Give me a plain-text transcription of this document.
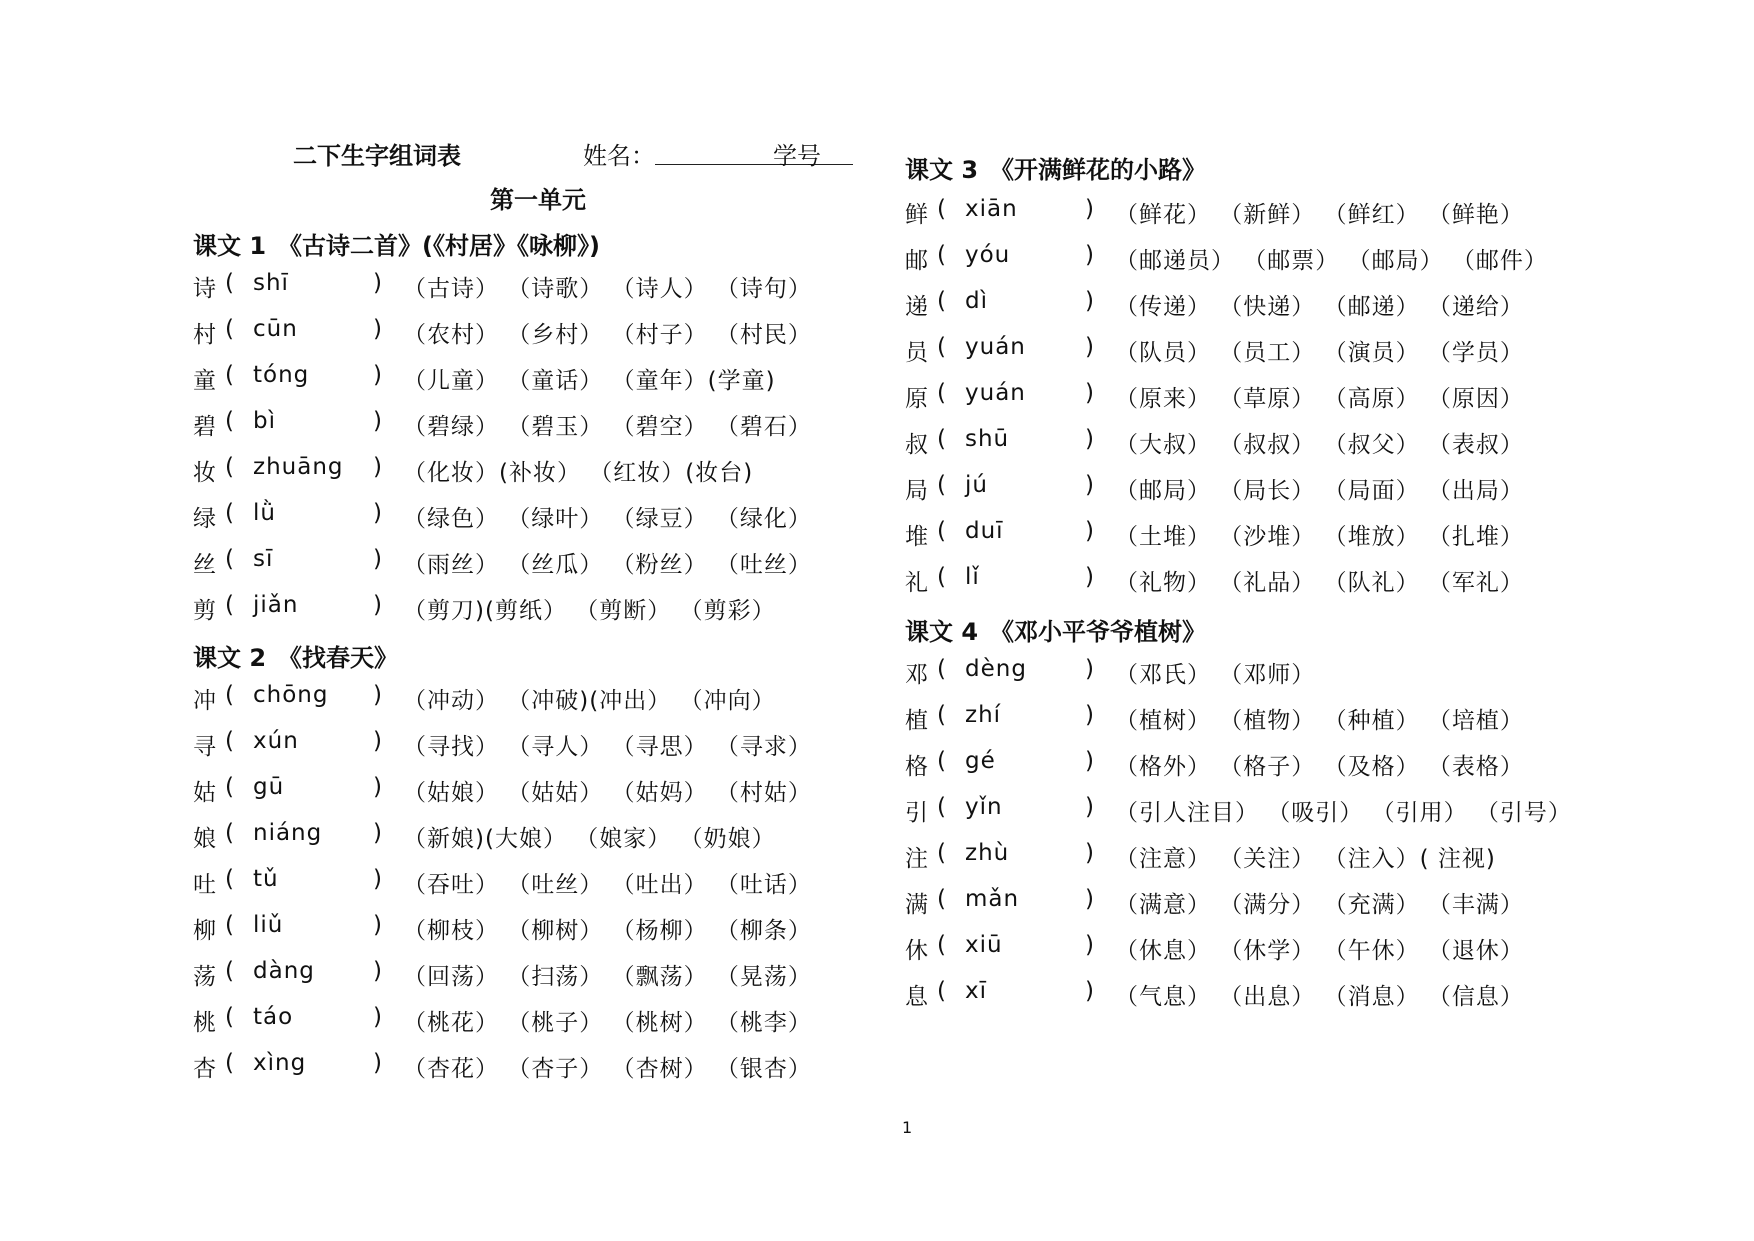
二下生字组词表	姓名：	学号
第一单元
课文 1　《古诗二首》(《村居》《咏柳》)
诗 ( shī	) （古诗） （诗歌） （诗人） （诗句）
村 ( cūn	) （农村） （乡村） （村子） （村民）
童 ( tóng	) （儿童） （童话） （童年）(学童)
碧 ( bì	) （碧绿） （碧玉） （碧空） （碧石）
妆 ( zhuāng ) （化妆）(补妆） （红妆）(妆台)
绿 ( lǜ	) （绿色） （绿叶） （绿豆） （绿化）
丝 ( sī	) （雨丝） （丝瓜） （粉丝） （吐丝）
剪 ( jiǎn	) （剪刀)(剪纸） （剪断） （剪彩）
课文 2　《找春天》
冲 ( chōng ) （冲动） （冲破)(冲出） （冲向）
寻 ( xún	) （寻找） （寻人） （寻思） （寻求）
姑 ( gū	) （姑娘） （姑姑） （姑妈） （村姑）
娘 ( niáng ) （新娘)(大娘） （娘家） （奶娘）
吐 ( tǔ	) （吞吐） （吐丝） （吐出） （吐话）
柳 ( liǔ	) （柳枝） （柳树） （杨柳） （柳条）
荡 ( dàng	) （回荡） （扫荡） （飘荡） （晃荡）
桃 ( táo	) （桃花） （桃子） （桃树） （桃李）
杏 ( xìng	) （杏花） （杏子） （杏树） （银杏）
课文 3　《开满鲜花的小路》
鲜 ( xiān	) （鲜花） （新鲜） （鲜红） （鲜艳）
邮 ( yóu	) （邮递员） （邮票） （邮局） （邮件）
递 ( dì	) （传递） （快递） （邮递） （递给）
员 ( yuán	) （队员） （员工） （演员） （学员）
原 ( yuán	) （原来） （草原） （高原） （原因）
叔 ( shū	) （大叔） （叔叔） （叔父） （表叔）
局 ( jú	) （邮局） （局长） （局面） （出局）
堆 ( duī	) （土堆） （沙堆） （堆放） （扎堆）
礼 ( lǐ	) （礼物） （礼品） （队礼） （军礼）
课文 4　《邓小平爷爷植树》
邓 ( dèng	) （邓氏） （邓师）
植 ( zhí	) （植树） （植物） （种植） （培植）
格 ( gé	) （格外） （格子） （及格） （表格）
引 ( yǐn	) （引人注目） （吸引） （引用） （引号）
注 ( zhù	) （注意） （关注） （注入）( 注视)
满 ( mǎn	) （满意） （满分） （充满） （丰满）
休 ( xiū	) （休息） （休学） （午休） （退休）
息 ( xī	) （气息） （出息） （消息） （信息）
1
